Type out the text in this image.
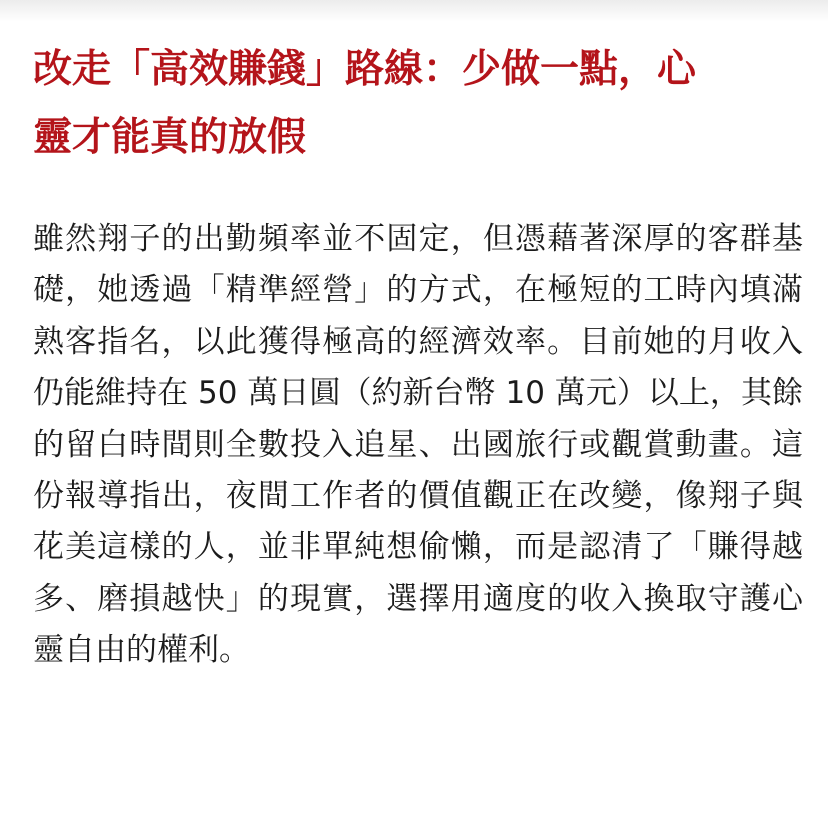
改走「高效賺錢」路線：少做一點，心靈才能真的放假

雖然翔子的出勤頻率並不固定，但憑藉著深厚的客群基礎，她透過「精準經營」的方式，在極短的工時內填滿熟客指名，以此獲得極高的經濟效率。目前她的月收入仍能維持在 50 萬日圓（約新台幣 10 萬元）以上，其餘的留白時間則全數投入追星、出國旅行或觀賞動畫。這份報導指出，夜間工作者的價值觀正在改變，像翔子與花美這樣的人，並非單純想偷懶，而是認清了「賺得越多、磨損越快」的現實，選擇用適度的收入換取守護心靈自由的權利。
